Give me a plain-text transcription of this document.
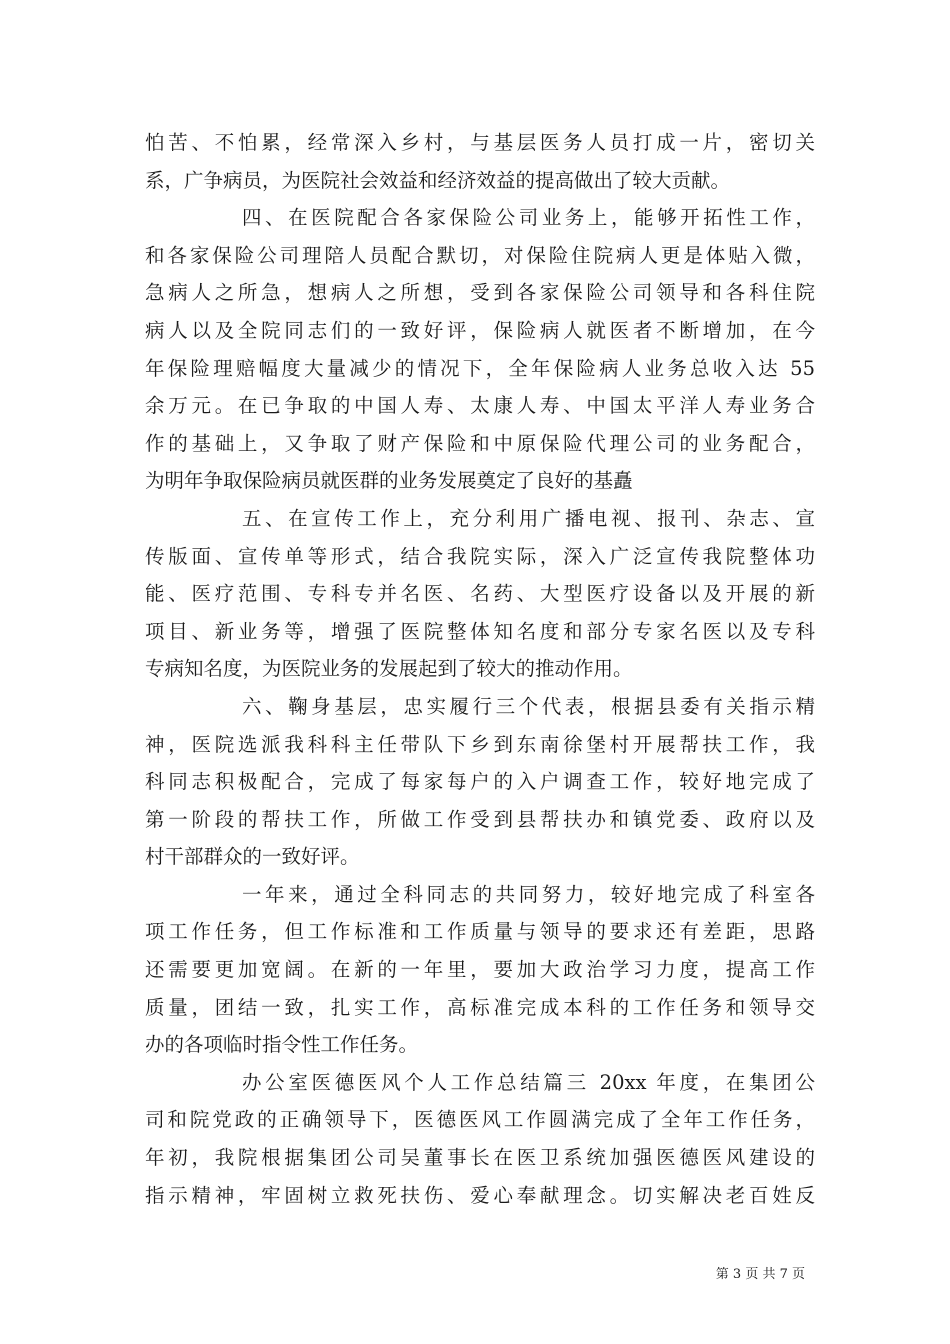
怕苦、不怕累，经常深入乡村，与基层医务人员打成一片，密切关
系，广争病员，为医院社会效益和经济效益的提高做出了较大贡献。
四、在医院配合各家保险公司业务上，能够开拓性工作，
和各家保险公司理陪人员配合默切，对保险住院病人更是体贴入微，
急病人之所急，想病人之所想，受到各家保险公司领导和各科住院
病人以及全院同志们的一致好评，保险病人就医者不断增加，在今
年保险理赔幅度大量减少的情况下，全年保险病人业务总收入达 55
余万元。在已争取的中国人寿、太康人寿、中国太平洋人寿业务合
作的基础上，又争取了财产保险和中原保险代理公司的业务配合，
为明年争取保险病员就医群的业务发展奠定了良好的基矗
五、在宣传工作上，充分利用广播电视、报刊、杂志、宣
传版面、宣传单等形式，结合我院实际，深入广泛宣传我院整体功
能、医疗范围、专科专并名医、名药、大型医疗设备以及开展的新
项目、新业务等，增强了医院整体知名度和部分专家名医以及专科
专病知名度，为医院业务的发展起到了较大的推动作用。
六、鞠身基层，忠实履行三个代表，根据县委有关指示精
神，医院选派我科科主任带队下乡到东南徐堡村开展帮扶工作，我
科同志积极配合，完成了每家每户的入户调查工作，较好地完成了
第一阶段的帮扶工作，所做工作受到县帮扶办和镇党委、政府以及
村干部群众的一致好评。
一年来，通过全科同志的共同努力，较好地完成了科室各
项工作任务，但工作标准和工作质量与领导的要求还有差距，思路
还需要更加宽阔。在新的一年里，要加大政治学习力度，提高工作
质量，团结一致，扎实工作，高标准完成本科的工作任务和领导交
办的各项临时指令性工作任务。
办公室医德医风个人工作总结篇三 20xx 年度，在集团公
司和院党政的正确领导下，医德医风工作圆满完成了全年工作任务，
年初，我院根据集团公司吴董事长在医卫系统加强医德医风建设的
指示精神，牢固树立救死扶伤、爱心奉献理念。切实解决老百姓反
第 3 页 共 7 页
